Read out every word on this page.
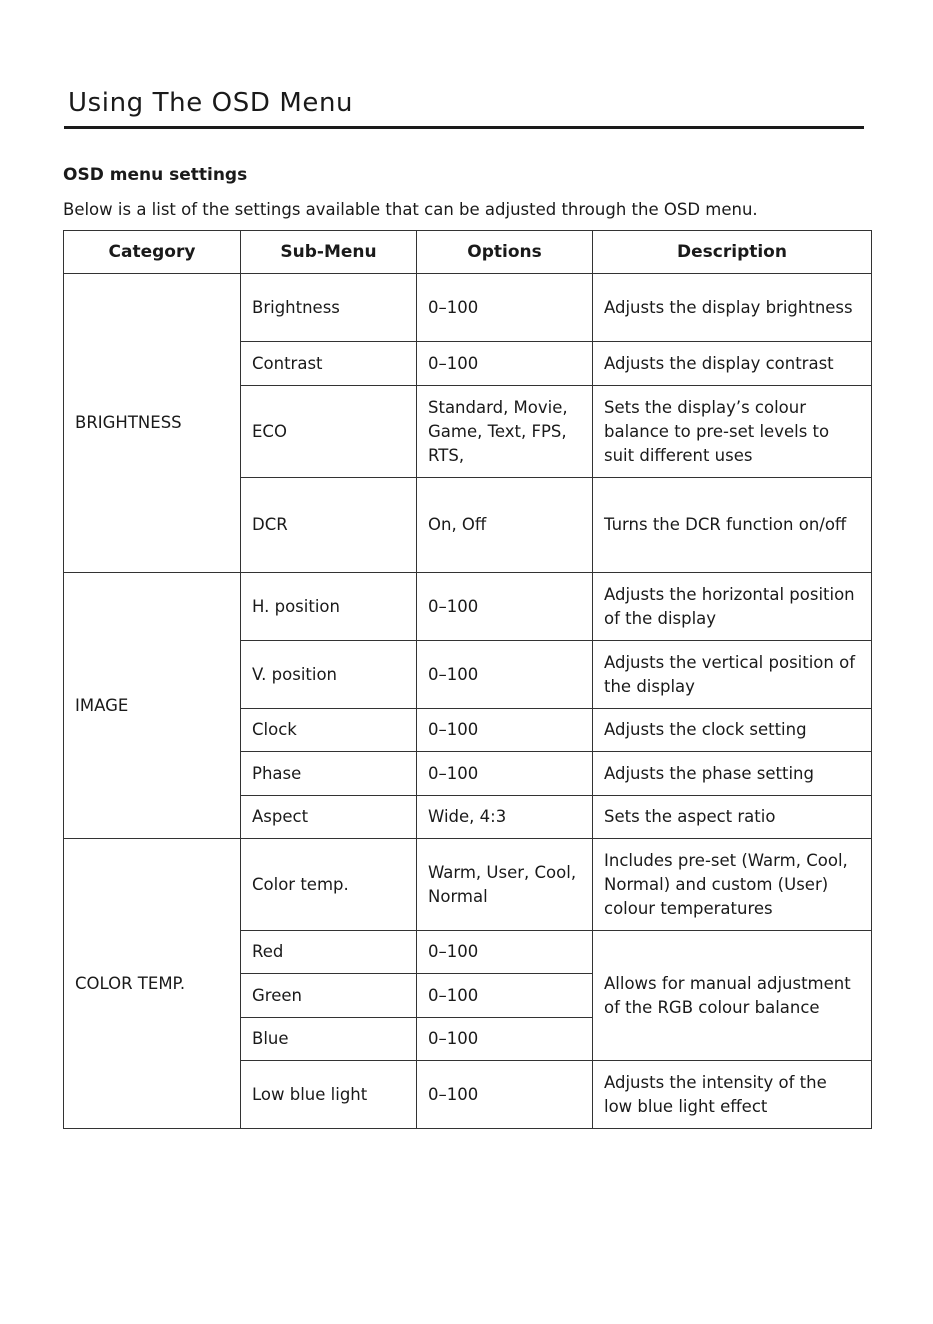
Using The OSD Menu
OSD menu settings

Below is a list of the settings available that can be adjusted through the OSD menu.

Category	Sub-Menu	Options	Description
BRIGHTNESS	Brightness	0–100	Adjusts the display brightness
	Contrast	0–100	Adjusts the display contrast
	ECO	Standard, Movie, Game, Text, FPS, RTS,	Sets the display’s colour balance to pre-set levels to suit different uses
	DCR	On, Off	Turns the DCR function on/off
IMAGE	H. position	0–100	Adjusts the horizontal position of the display
	V. position	0–100	Adjusts the vertical position of the display
	Clock	0–100	Adjusts the clock setting
	Phase	0–100	Adjusts the phase setting
	Aspect	Wide, 4:3	Sets the aspect ratio
COLOR TEMP.	Color temp.	Warm, User, Cool, Normal	Includes pre-set (Warm, Cool, Normal) and custom (User) colour temperatures
	Red	0–100	Allows for manual adjustment of the RGB colour balance
	Green	0–100	
	Blue	0–100	
	Low blue light	0–100	Adjusts the intensity of the low blue light effect
